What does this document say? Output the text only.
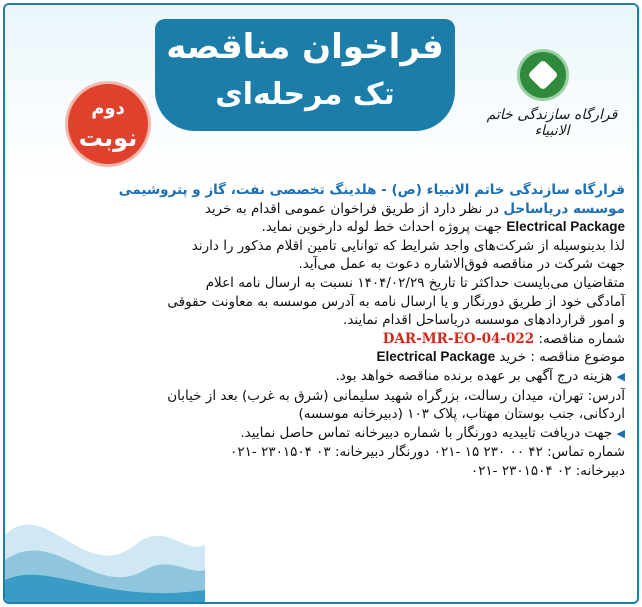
فراخوان مناقصه
تک مرحله‌ای
دوم
نوبت
قرارگاه سازندگی خاتم الانبیاء

قرارگاه سازندگی خاتم الانبیاء (ص) - هلدینگ تخصصی نفت، گاز و پتروشیمی

موسسه دریاساحل در نظر دارد از طریق فراخوان عمومی اقدام به خرید

Electrical Package جهت پروژه احداث خط لوله دارخوین نماید.

لذا بدینوسیله از شرکت‌های واجد شرایط که توانایی تامین اقلام مذکور را دارند

جهت شرکت در مناقصه فوق‌الاشاره دعوت به عمل می‌آید.

متقاضیان می‌بایست حداکثر تا تاریخ ۱۴۰۴/۰۲/۲۹ نسبت به ارسال نامه اعلام

آمادگی خود از طریق دورنگار و یا ارسال نامه به آدرس موسسه به معاونت حقوقی

و امور قراردادهای موسسه دریاساحل اقدام نمایند.

شماره مناقصه: DAR-MR-EO-04-022

موضوع مناقصه : خرید Electrical Package

◀ هزینه درج آگهی بر عهده برنده مناقصه خواهد بود.

آدرس: تهران، میدان رسالت، بزرگراه شهید سلیمانی (شرق به غرب) بعد از خیابان

اردکانی، جنب بوستان مهتاب، پلاک ۱۰۳ (دبیرخانه موسسه)

◀ جهت دریافت تاییدیه دورنگار با شماره دبیرخانه تماس حاصل نمایید.

شماره تماس: ۴۲ ۰۰ ۲۳۰ ۱۵ -۰۲۱ دورنگار دبیرخانه: ۰۳ ۲۳۰۱۵۰۴ -۰۲۱

دبیرخانه: ۰۲ ۲۳۰۱۵۰۴ -۰۲۱
